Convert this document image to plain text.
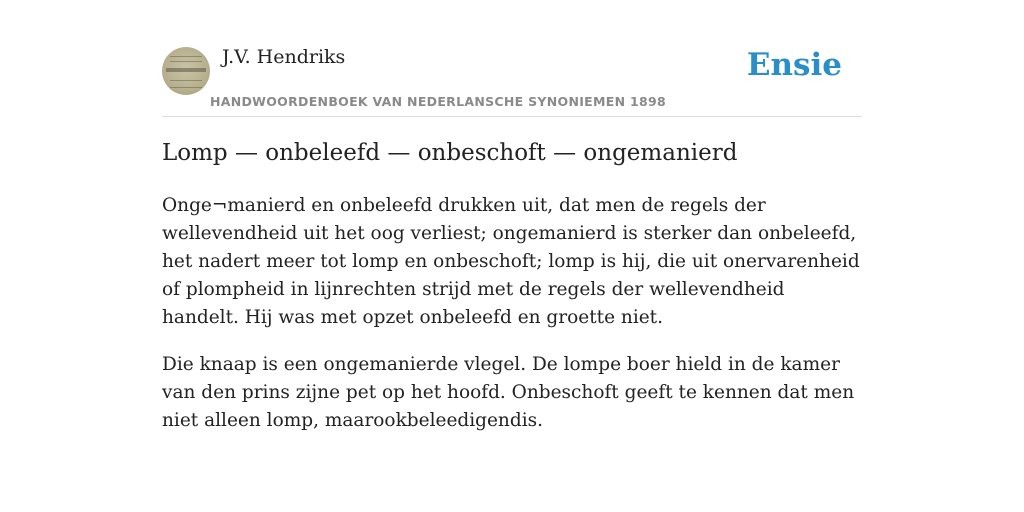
J.V. Hendriks
HANDWOORDENBOEK VAN NEDERLANSCHE SYNONIEMEN 1898
Ensie
Lomp — onbeleefd — onbeschoft — ongemanierd

Onge¬manierd en onbeleefd drukken uit, dat men de regels der wellevendheid uit het oog verliest; ongemanierd is sterker dan onbeleefd, het nadert meer tot lomp en onbeschoft; lomp is hij, die uit onervarenheid of plompheid in lijnrechten strijd met de regels der wellevendheid handelt. Hij was met opzet onbeleefd en groette niet.

Die knaap is een ongemanierde vlegel. De lompe boer hield in de kamer van den prins zijne pet op het hoofd. Onbeschoft geeft te kennen dat men niet alleen lomp, maarookbeleedigendis.
